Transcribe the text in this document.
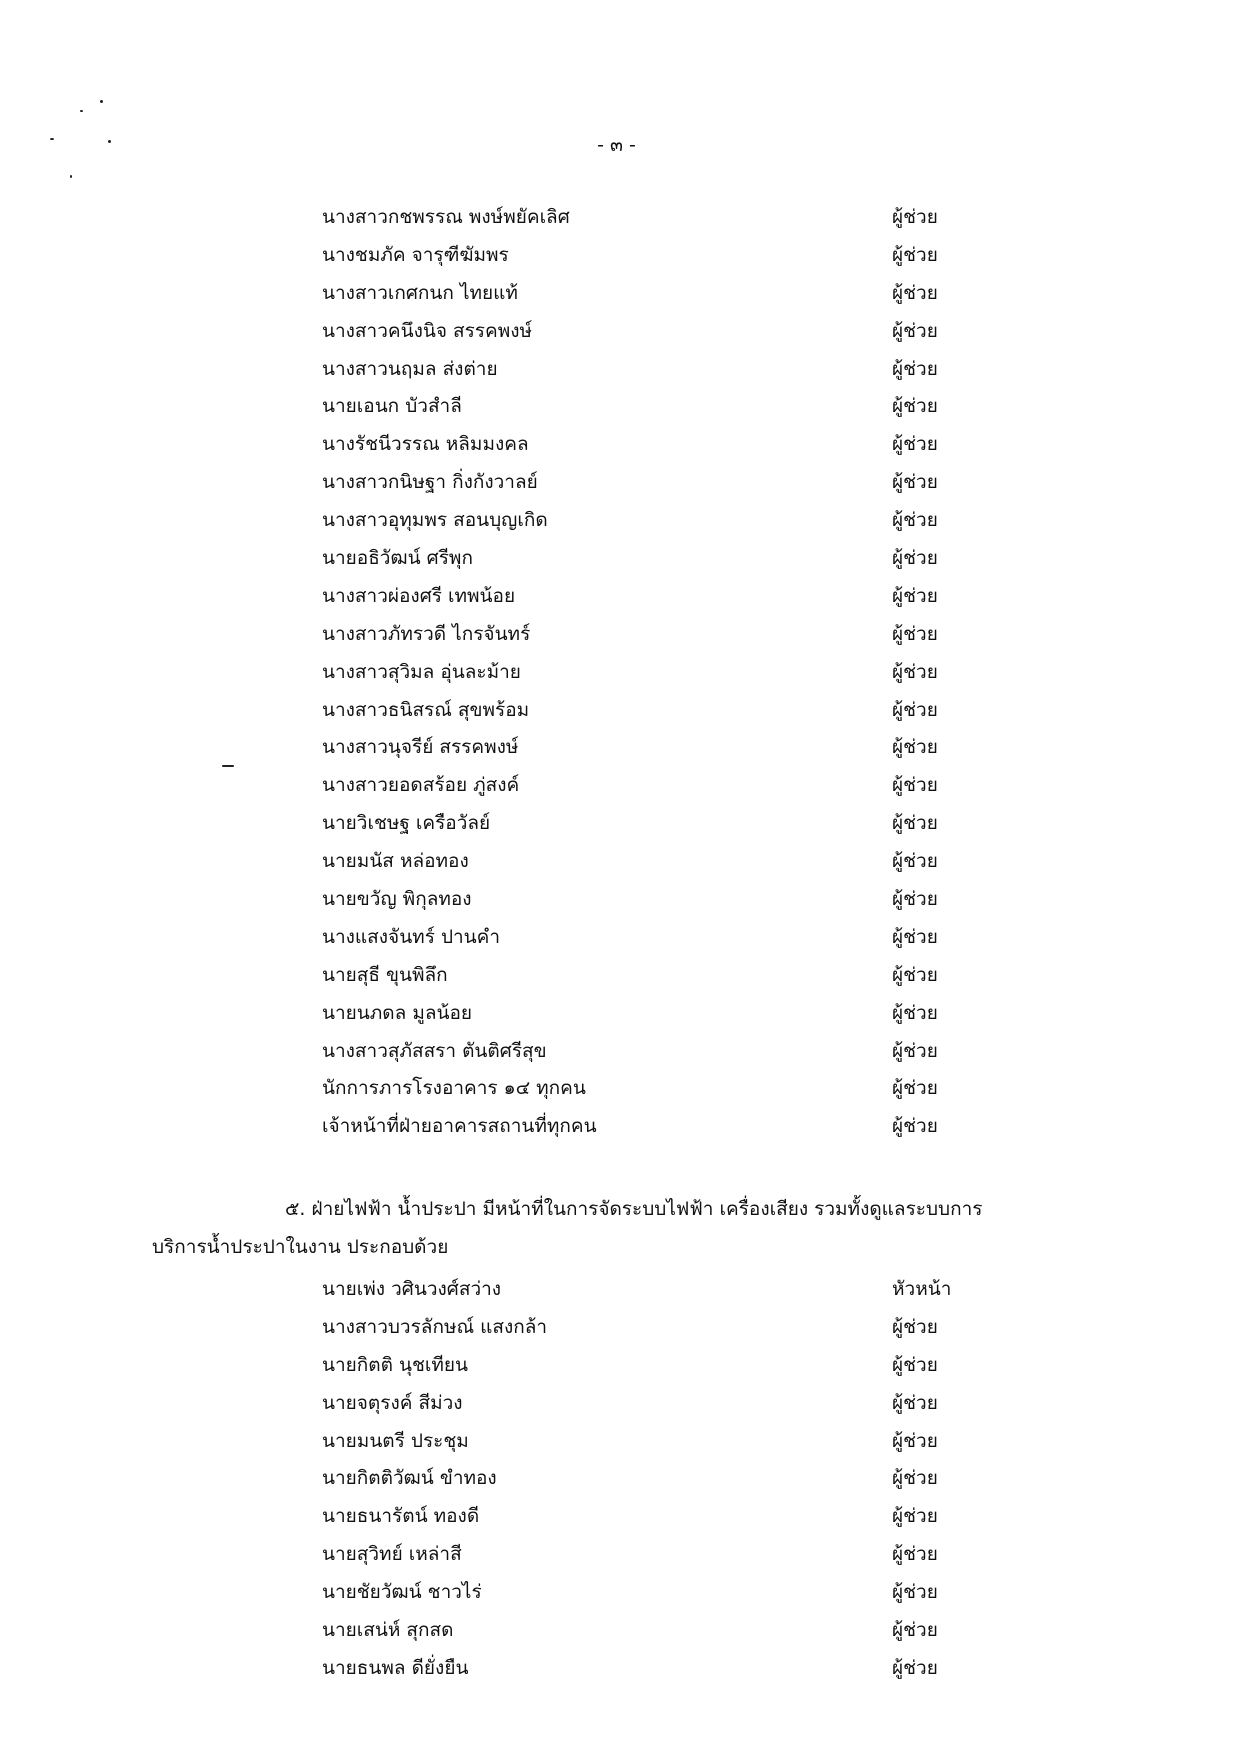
- ๓ -
นางสาวกชพรรณ พงษ์พยัคเลิศ	ผู้ช่วย
นางชมภัค จารุฑีฆัมพร	ผู้ช่วย
นางสาวเกศกนก ไทยแท้	ผู้ช่วย
นางสาวคนึงนิจ สรรคพงษ์	ผู้ช่วย
นางสาวนฤมล ส่งต่าย	ผู้ช่วย
นายเอนก บัวสำลี	ผู้ช่วย
นางรัชนีวรรณ หลิมมงคล	ผู้ช่วย
นางสาวกนิษฐา กิ่งกังวาลย์	ผู้ช่วย
นางสาวอุทุมพร สอนบุญเกิด	ผู้ช่วย
นายอธิวัฒน์ ศรีพุก	ผู้ช่วย
นางสาวผ่องศรี เทพน้อย	ผู้ช่วย
นางสาวภัทรวดี ไกรจันทร์	ผู้ช่วย
นางสาวสุวิมล อุ่นละม้าย	ผู้ช่วย
นางสาวธนิสรณ์ สุขพร้อม	ผู้ช่วย
นางสาวนุจรีย์ สรรคพงษ์	ผู้ช่วย
นางสาวยอดสร้อย ภู่สงค์	ผู้ช่วย
นายวิเชษฐ เครือวัลย์	ผู้ช่วย
นายมนัส หล่อทอง	ผู้ช่วย
นายขวัญ พิกุลทอง	ผู้ช่วย
นางแสงจันทร์ ปานคำ	ผู้ช่วย
นายสุธี ขุนพิลึก	ผู้ช่วย
นายนภดล มูลน้อย	ผู้ช่วย
นางสาวสุภัสสรา ตันติศรีสุข	ผู้ช่วย
นักการภารโรงอาคาร ๑๔ ทุกคน	ผู้ช่วย
เจ้าหน้าที่ฝ่ายอาคารสถานที่ทุกคน	ผู้ช่วย
๕. ฝ่ายไฟฟ้า น้ำประปา มีหน้าที่ในการจัดระบบไฟฟ้า เครื่องเสียง รวมทั้งดูแลระบบการ
บริการน้ำประปาในงาน ประกอบด้วย
นายเพ่ง วศินวงศ์สว่าง	หัวหน้า
นางสาวบวรลักษณ์ แสงกล้า	ผู้ช่วย
นายกิตติ นุชเทียน	ผู้ช่วย
นายจตุรงค์ สีม่วง	ผู้ช่วย
นายมนตรี ประชุม	ผู้ช่วย
นายกิตติวัฒน์ ขำทอง	ผู้ช่วย
นายธนารัตน์ ทองดี	ผู้ช่วย
นายสุวิทย์ เหล่าสี	ผู้ช่วย
นายชัยวัฒน์ ชาวไร่	ผู้ช่วย
นายเสน่ห์ สุกสด	ผู้ช่วย
นายธนพล ดียั่งยืน	ผู้ช่วย
